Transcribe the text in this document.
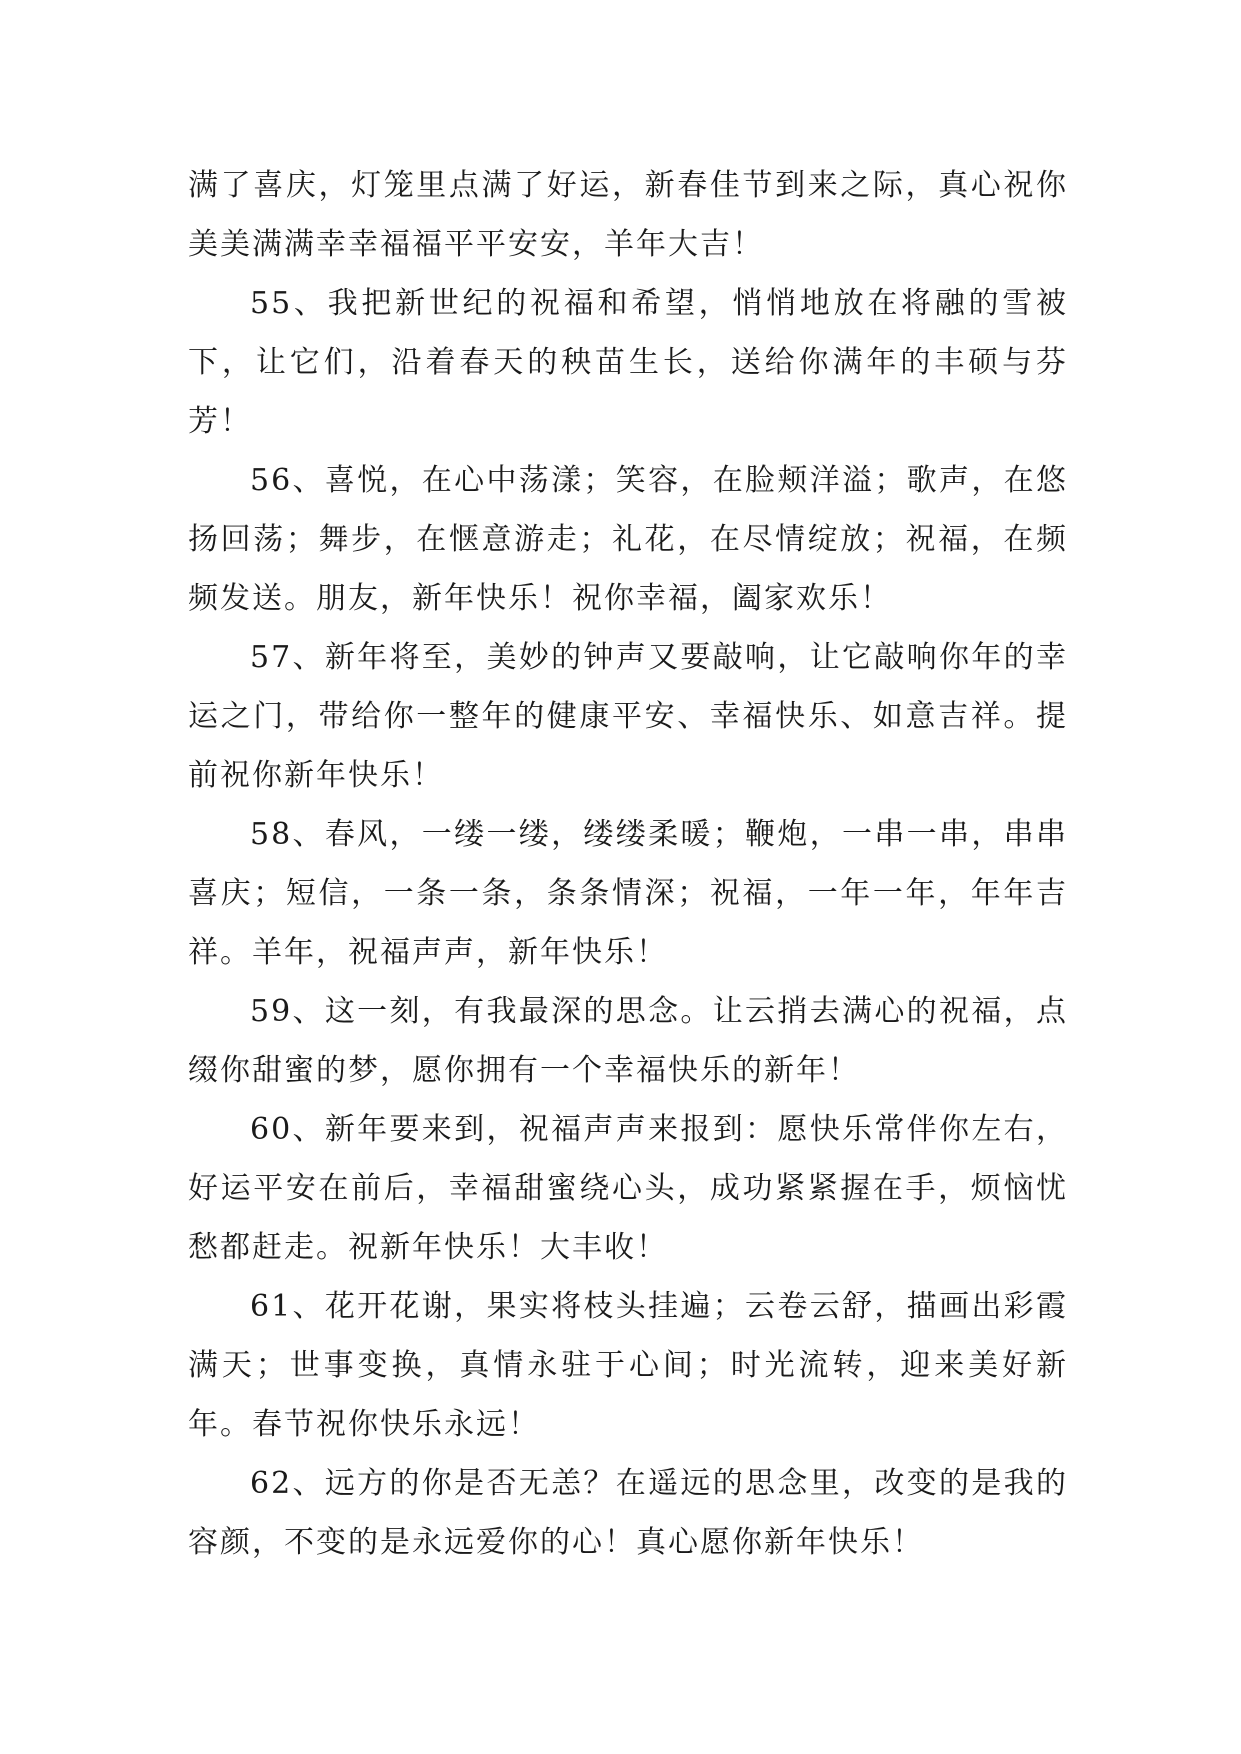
满了喜庆，灯笼里点满了好运，新春佳节到来之际，真心祝你美美满满幸幸福福平平安安，羊年大吉！

55、我把新世纪的祝福和希望，悄悄地放在将融的雪被下，让它们，沿着春天的秧苗生长，送给你满年的丰硕与芬芳！

56、喜悦，在心中荡漾；笑容，在脸颊洋溢；歌声，在悠扬回荡；舞步，在惬意游走；礼花，在尽情绽放；祝福，在频频发送。朋友，新年快乐！祝你幸福，阖家欢乐！

57、新年将至，美妙的钟声又要敲响，让它敲响你年的幸运之门，带给你一整年的健康平安、幸福快乐、如意吉祥。提前祝你新年快乐！

58、春风，一缕一缕，缕缕柔暖；鞭炮，一串一串，串串喜庆；短信，一条一条，条条情深；祝福，一年一年，年年吉祥。羊年，祝福声声，新年快乐！

59、这一刻，有我最深的思念。让云捎去满心的祝福，点缀你甜蜜的梦，愿你拥有一个幸福快乐的新年！

60、新年要来到，祝福声声来报到：愿快乐常伴你左右，好运平安在前后，幸福甜蜜绕心头，成功紧紧握在手，烦恼忧愁都赶走。祝新年快乐！大丰收！

61、花开花谢，果实将枝头挂遍；云卷云舒，描画出彩霞满天；世事变换，真情永驻于心间；时光流转，迎来美好新年。春节祝你快乐永远！

62、远方的你是否无恙？在遥远的思念里，改变的是我的容颜，不变的是永远爱你的心！真心愿你新年快乐！
